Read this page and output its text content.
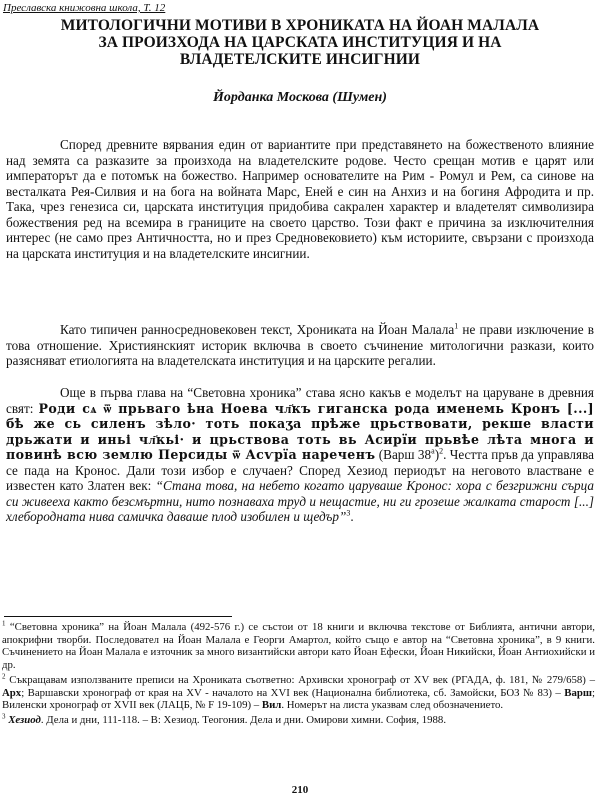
Преславска книжовна школа, Т. 12
МИТОЛОГИЧНИ МОТИВИ В ХРОНИКАТА НА ЙОАН МАЛАЛА
ЗА ПРОИЗХОДА НА ЦАРСКАТА ИНСТИТУЦИЯ И НА
ВЛАДЕТЕЛСКИТЕ ИНСИГНИИ
Йорданка Москова (Шумен)

Според древните вярвания един от вариантите при представянето на божественото влияние над земята са разказите за произхода на владетелските родове. Често срещан мотив е царят или императорът да е потомък на божество. Например основателите на Рим - Ромул и Рем, са синове на весталката Рея-Силвия и на бога на войната Марс, Еней е син на Анхиз и на богиня Афродита и пр. Така, чрез генезиса си, царската институция придобива сакрален характер и владетелят символизира божествения ред на всемира в границите на своето царство. Този факт е причина за изключителния интерес (не само през Античността, но и през Средновековието) към историите, свързани с произхода на царската институция и на владетелските инсигнии.

Като типичен ранносредновековен текст, Хрониката на Йоан Малала$^1$ не прави изключение в това отношение. Християнският историк включва в своето съчинение митологични разкази, които разясняват етиологията на владетелската институция и на царските регалии.

Още в първа глава на “Световна хроника” става ясно какъв е моделът на царуване в древния свят: Роди сѧ ѿ прьваго ҍна Ноева чл҃къ гиганска рода именемь Кронъ [...] бѣ же сь силенъ зѣло· тоть покаӡа прѣже црьствовати, рекше власти дрьжати и иньі чл҃кьі· и црьствова тоть вь Асирїи прьвѣе лѣта многа и повинѣ всю землю Персиды ѿ Асѵрїа нареченъ (Варш $38^а)^2$. Честта пръв да управлява се пада на Кронос. Дали този избор е случаен? Според Хезиод периодът на неговото властване е известен като Златен век: “Стана това, на небето когато царуваше Кронос: хора с безгрижни сърца си живееха както безсмъртни, нито познаваха труд и нещастие, ни ги грозеше жалката старост [...] хлебородната нива самичка даваше плод изобилен и щедър”$^3$.

$^1$ “Световна хроника” на Йоан Малала (492-576 г.) се състои от 18 книги и включва текстове от Библията, антични автори, апокрифни творби. Последовател на Йоан Малала е Георги Амартол, който също е автор на “Световна хроника”, в 9 книги. Съчинението на Йоан Малала е източник за много византийски автори като Йоан Ефески, Йоан Никийски, Йоан Антиохийски и др.

$^2$ Съкращавам използваните преписи на Хрониката съответно: Архивски хронограф от XV век (РГАДА, ф. 181, № 279/658) – Арх; Варшавски хронограф от края на XV - началото на XVI век (Национална библиотека, сб. Замойски, БОЗ № 83) – Варш; Виленски хронограф от XVII век (ЛАЦБ, № F 19-109) – Вил. Номерът на листа указвам след обозначението.

$^3$ Хезиод. Дела и дни, 111-118. – В: Хезиод. Теогония. Дела и дни. Омирови химни. София, 1988.

210
